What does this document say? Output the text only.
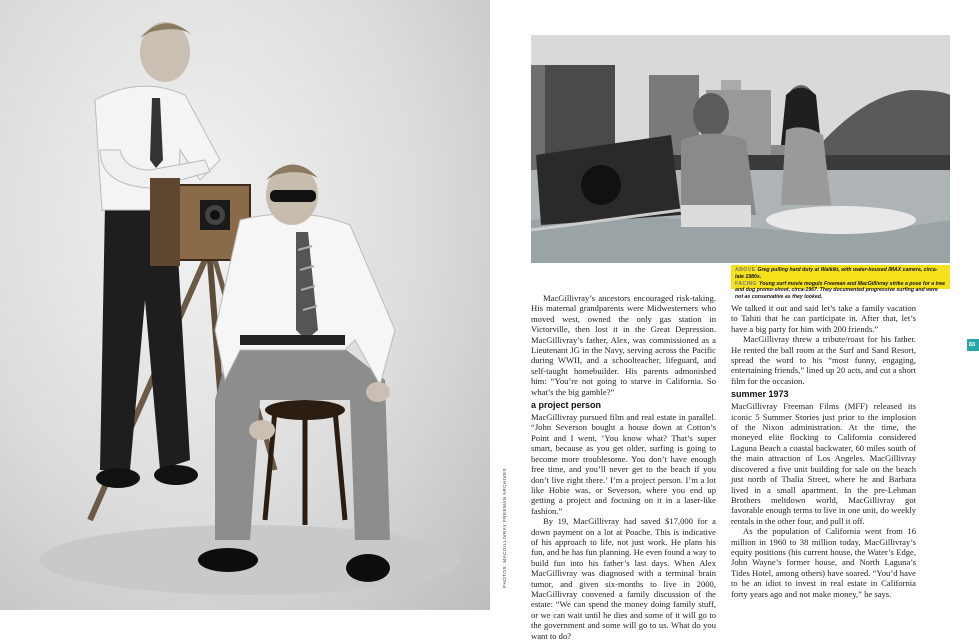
ABOVE Greg pulling hard duty at Waikiki, with water-housed IMAX camera, circa-late 1980s.
FACING Young surf movie moguls Freeman and MacGillivray strike a pose for a tree and dog promo-shoot, circa-1967. They documented progressive surfing and were not as conservative as they looked.
PHOTOS: MACGILLIVRAY FREEMAN ARCHIVES

MacGillivray’s ancestors encouraged risk-taking. His maternal grandparents were Midwesterners who moved west, owned the only gas station in Victorville, then lost it in the Great Depression. MacGillivray’s father, Alex, was commissioned as a Lieutenant JG in the Navy, serving across the Pacific during WWII, and a schoolteacher, lifeguard, and self-taught homebuilder. His parents admonished him: “You’re not going to starve in California. So what’s the big gamble?”

a project person

MacGillivray pursued film and real estate in parallel. “John Severson bought a house down at Cotton’s Point and I went, ‘You know what? That’s super smart, because as you get older, surfing is going to become more troublesome. You don’t have enough free time, and you’ll never get to the beach if you don’t live right there.’ I’m a project person. I’m a lot like Hobie was, or Severson, where you end up getting a project and focusing on it in a laser-like fashion.”

By 19, MacGillivray had saved $17,000 for a down payment on a lot at Poache. This is indicative of his approach to life, not just work. He plans his fun, and he has fun planning. He even found a way to build fun into his father’s last days. When Alex MacGillivray was diagnosed with a terminal brain tumor, and given six-months to live in 2000, MacGillivray convened a family discussion of the estate: “We can spend the money doing family stuff, or we can wait until he dies and some of it will go to the government and some will go to us. What do you want to do?

We talked it out and said let’s take a family vacation to Tahiti that he can participate in. After that, let’s have a big party for him with 200 friends.”

MacGillivray threw a tribute/roast for his father. He rented the ball room at the Surf and Sand Resort, spread the word to his “most funny, engaging, entertaining friends,” lined up 20 acts, and cut a short film for the occasion.

summer 1973

MacGillivray Freeman Films (MFF) released its iconic 5 Summer Stories just prior to the implosion of the Nixon administration. At the time, the moneyed elite flocking to California considered Laguna Beach a coastal backwater, 60 miles south of the main attraction of Los Angeles. MacGillivray discovered a five unit building for sale on the beach just north of Thalia Street, where he and Barbara lived in a small apartment. In the pre-Lehman Brothers meltdown world, MacGillivray got favorable enough terms to live in one unit, do weekly rentals in the other four, and pull it off.

As the population of California went from 16 million in 1960 to 38 million today, MacGillivray’s equity positions (his current house, the Water’s Edge, John Wayne’s former house, and North Laguna’s Tides Hotel, among others) have soared. “You’d have to be an idiot to invest in real estate in California forty years ago and not make money,” he says.

83
